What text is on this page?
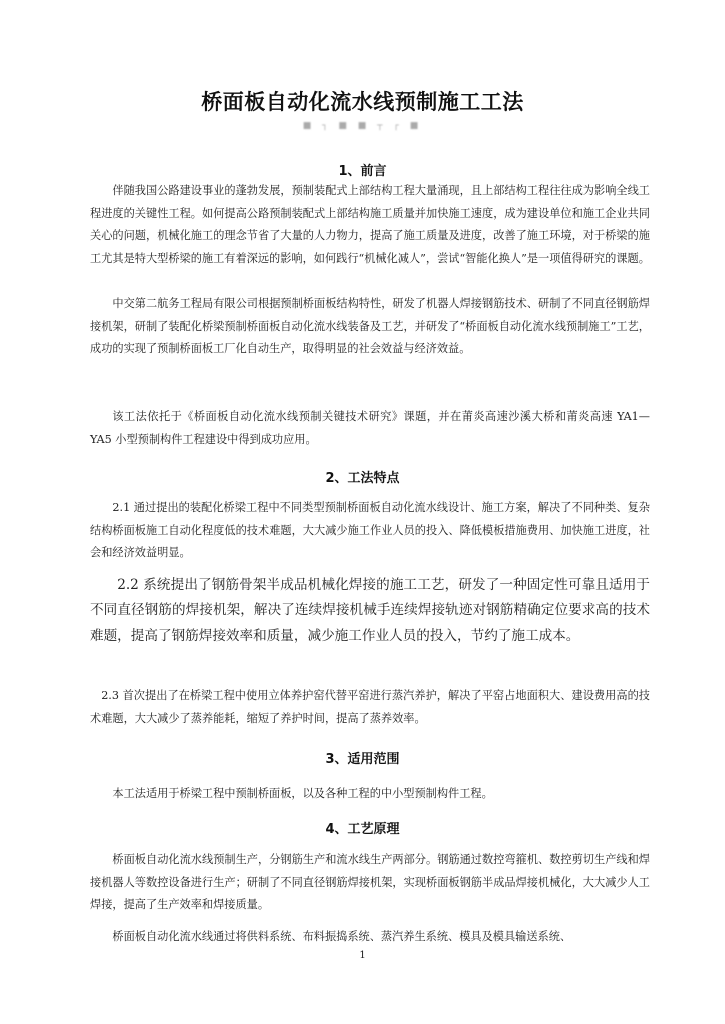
桥面板自动化流水线预制施工工法
■ ┐ ■ ■ ┬ ┌ ■
1、前言

伴随我国公路建设事业的蓬勃发展，预制装配式上部结构工程大量涌现，且上部结构工程往往成为影响全线工程进度的关键性工程。如何提高公路预制装配式上部结构施工质量并加快施工速度，成为建设单位和施工企业共同关心的问题，机械化施工的理念节省了大量的人力物力，提高了施工质量及进度，改善了施工环境，对于桥梁的施工尤其是特大型桥梁的施工有着深远的影响，如何践行“机械化减人”，尝试“智能化换人”是一项值得研究的课题。

中交第二航务工程局有限公司根据预制桥面板结构特性，研发了机器人焊接钢筋技术、研制了不同直径钢筋焊接机架，研制了装配化桥梁预制桥面板自动化流水线装备及工艺，并研发了“桥面板自动化流水线预制施工”工艺，成功的实现了预制桥面板工厂化自动生产，取得明显的社会效益与经济效益。

该工法依托于《桥面板自动化流水线预制关键技术研究》课题，并在莆炎高速沙溪大桥和莆炎高速 YA1—YA5 小型预制构件工程建设中得到成功应用。

2、工法特点

2.1 通过提出的装配化桥梁工程中不同类型预制桥面板自动化流水线设计、施工方案，解决了不同种类、复杂结构桥面板施工自动化程度低的技术难题，大大减少施工作业人员的投入、降低模板措施费用、加快施工进度，社会和经济效益明显。

2.2 系统提出了钢筋骨架半成品机械化焊接的施工工艺，研发了一种固定性可靠且适用于不同直径钢筋的焊接机架，解决了连续焊接机械手连续焊接轨迹对钢筋精确定位要求高的技术难题，提高了钢筋焊接效率和质量，减少施工作业人员的投入，节约了施工成本。

2.3 首次提出了在桥梁工程中使用立体养护窑代替平窑进行蒸汽养护，解决了平窑占地面积大、建设费用高的技术难题，大大减少了蒸养能耗，缩短了养护时间，提高了蒸养效率。

3、适用范围

本工法适用于桥梁工程中预制桥面板，以及各种工程的中小型预制构件工程。

4、工艺原理

桥面板自动化流水线预制生产，分钢筋生产和流水线生产两部分。钢筋通过数控弯箍机、数控剪切生产线和焊接机器人等数控设备进行生产；研制了不同直径钢筋焊接机架，实现桥面板钢筋半成品焊接机械化，大大减少人工焊接，提高了生产效率和焊接质量。

桥面板自动化流水线通过将供料系统、布料振捣系统、蒸汽养生系统、模具及模具输送系统、

1
